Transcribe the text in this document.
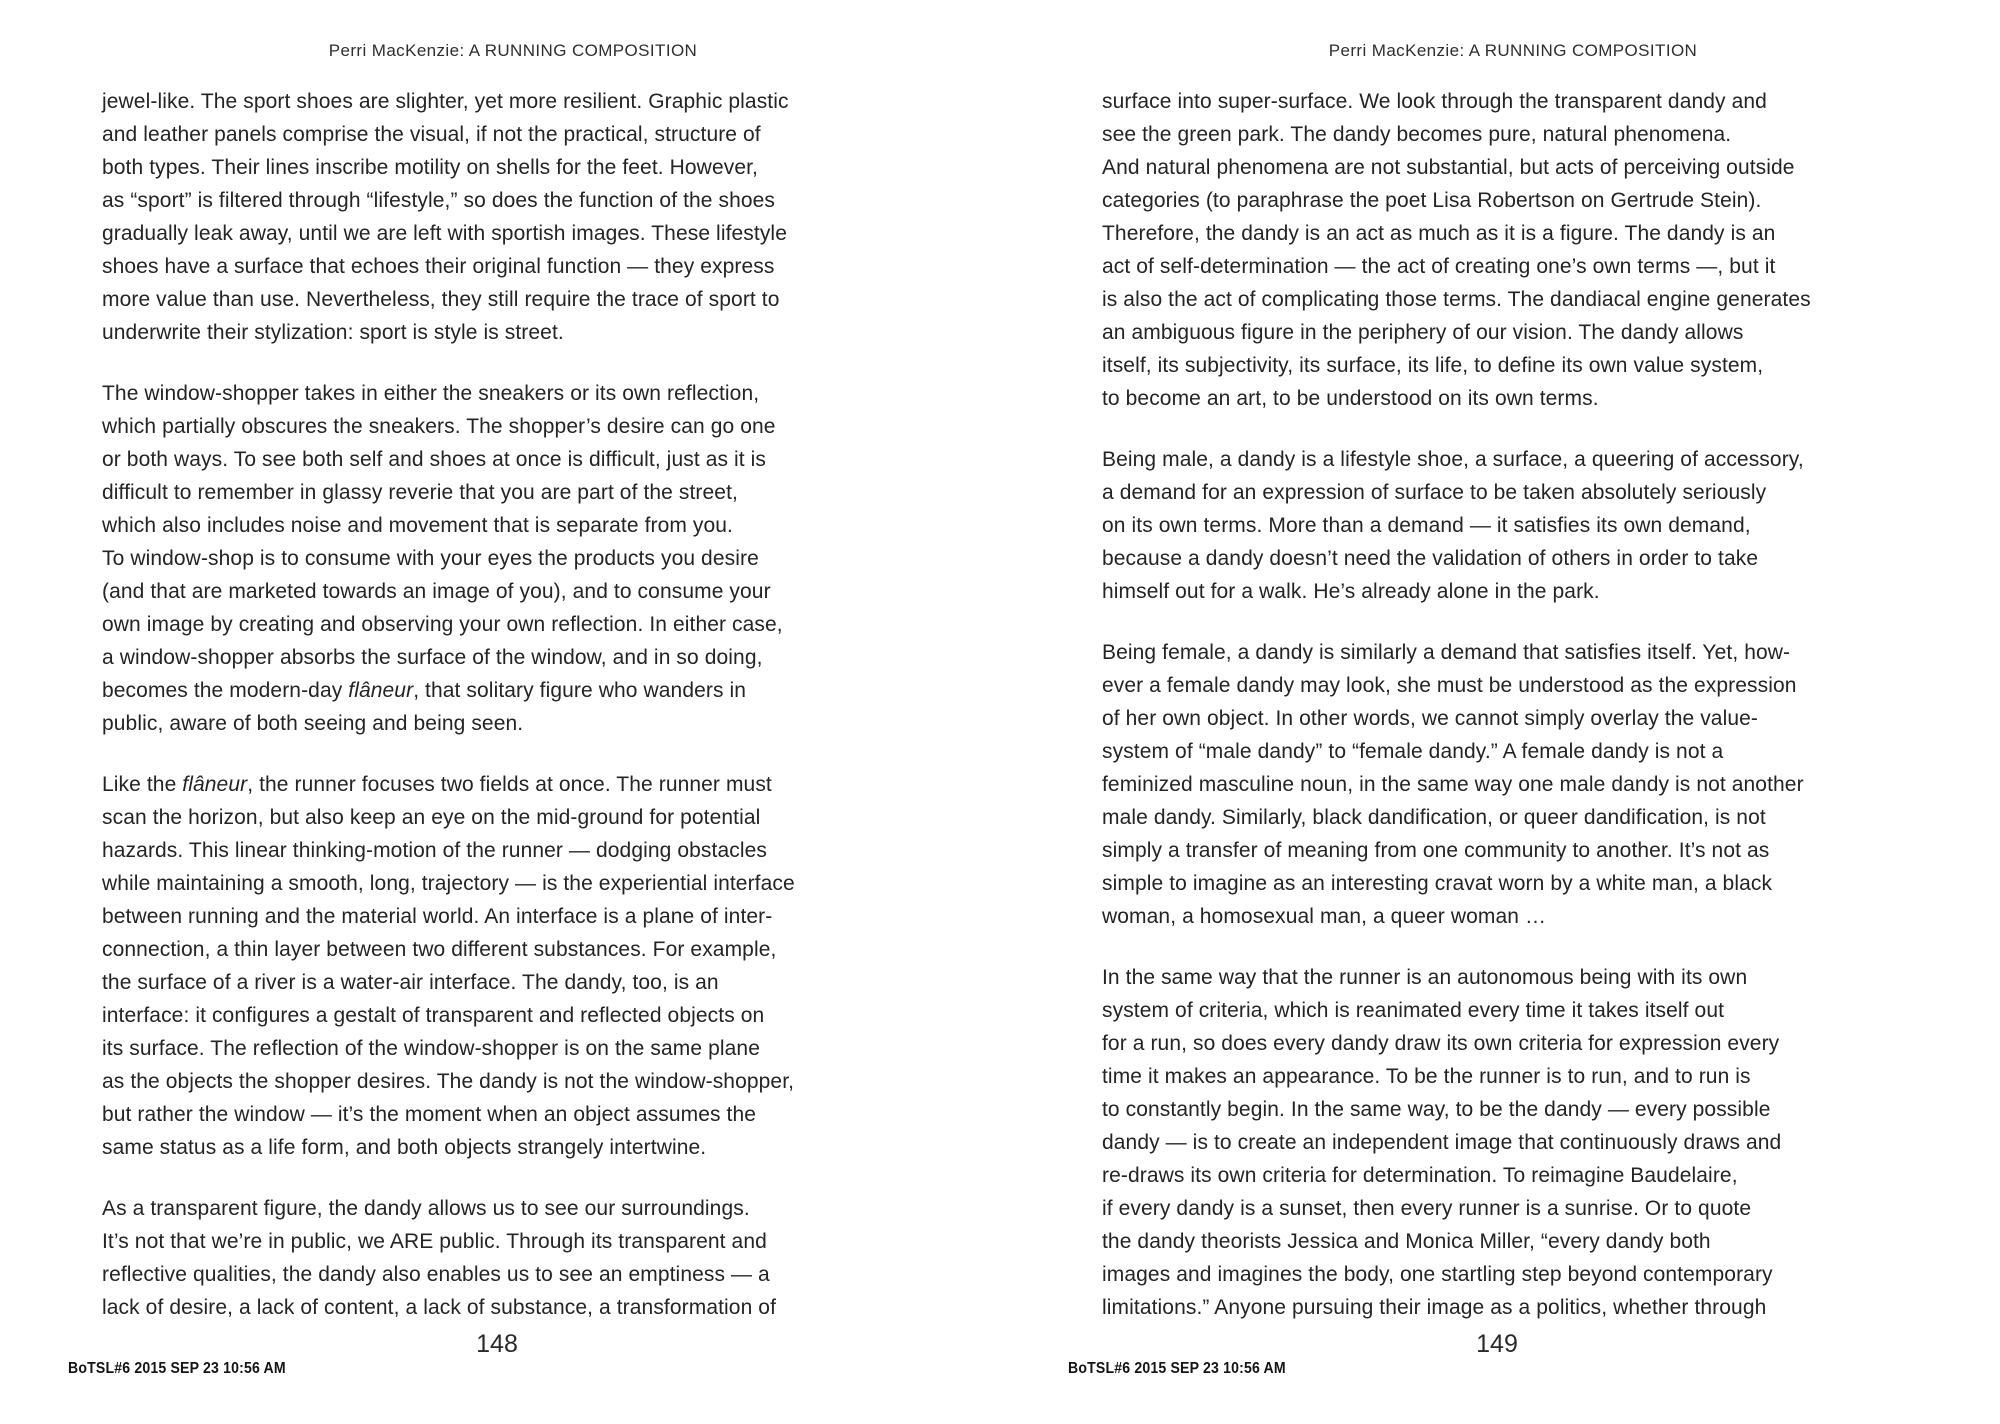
Perri MacKenzie: A RUNNING COMPOSITION

jewel-like. The sport shoes are slighter, yet more resilient. Graphic plastic
and leather panels comprise the visual, if not the practical, structure of
both types. Their lines inscribe motility on shells for the feet. However,
as “sport” is filtered through “lifestyle,” so does the function of the shoes
gradually leak away, until we are left with sportish images. These lifestyle
shoes have a surface that echoes their original function — they express
more value than use. Nevertheless, they still require the trace of sport to
underwrite their stylization: sport is style is street.

The window-shopper takes in either the sneakers or its own reflection,
which partially obscures the sneakers. The shopper’s desire can go one
or both ways. To see both self and shoes at once is difficult, just as it is
difficult to remember in glassy reverie that you are part of the street,
which also includes noise and movement that is separate from you.
To window-shop is to consume with your eyes the products you desire
(and that are marketed towards an image of you), and to consume your
own image by creating and observing your own reflection. In either case,
a window-shopper absorbs the surface of the window, and in so doing,
becomes the modern-day flâneur, that solitary figure who wanders in
public, aware of both seeing and being seen.

Like the flâneur, the runner focuses two fields at once. The runner must
scan the horizon, but also keep an eye on the mid-ground for potential
hazards. This linear thinking-motion of the runner — dodging obstacles
while maintaining a smooth, long, trajectory — is the experiential interface
between running and the material world. An interface is a plane of inter-
connection, a thin layer between two different substances. For example,
the surface of a river is a water-air interface. The dandy, too, is an
interface: it configures a gestalt of transparent and reflected objects on
its surface. The reflection of the window-shopper is on the same plane
as the objects the shopper desires. The dandy is not the window-shopper,
but rather the window — it’s the moment when an object assumes the
same status as a life form, and both objects strangely intertwine.

As a transparent figure, the dandy allows us to see our surroundings.
It’s not that we’re in public, we ARE public. Through its transparent and
reflective qualities, the dandy also enables us to see an emptiness — a
lack of desire, a lack of content, a lack of substance, a transformation of

148
BoTSL#6 2015 SEP 23 10:56 AM
Perri MacKenzie: A RUNNING COMPOSITION

surface into super-surface. We look through the transparent dandy and
see the green park. The dandy becomes pure, natural phenomena.
And natural phenomena are not substantial, but acts of perceiving outside
categories (to paraphrase the poet Lisa Robertson on Gertrude Stein).
Therefore, the dandy is an act as much as it is a figure. The dandy is an
act of self-determination — the act of creating one’s own terms —, but it
is also the act of complicating those terms. The dandiacal engine generates
an ambiguous figure in the periphery of our vision. The dandy allows
itself, its subjectivity, its surface, its life, to define its own value system,
to become an art, to be understood on its own terms.

Being male, a dandy is a lifestyle shoe, a surface, a queering of accessory,
a demand for an expression of surface to be taken absolutely seriously
on its own terms. More than a demand — it satisfies its own demand,
because a dandy doesn’t need the validation of others in order to take
himself out for a walk. He’s already alone in the park.

Being female, a dandy is similarly a demand that satisfies itself. Yet, how-
ever a female dandy may look, she must be understood as the expression
of her own object. In other words, we cannot simply overlay the value-
system of “male dandy” to “female dandy.” A female dandy is not a
feminized masculine noun, in the same way one male dandy is not another
male dandy. Similarly, black dandification, or queer dandification, is not
simply a transfer of meaning from one community to another. It’s not as
simple to imagine as an interesting cravat worn by a white man, a black
woman, a homosexual man, a queer woman …

In the same way that the runner is an autonomous being with its own
system of criteria, which is reanimated every time it takes itself out
for a run, so does every dandy draw its own criteria for expression every
time it makes an appearance. To be the runner is to run, and to run is
to constantly begin. In the same way, to be the dandy — every possible
dandy — is to create an independent image that continuously draws and
re-draws its own criteria for determination. To reimagine Baudelaire,
if every dandy is a sunset, then every runner is a sunrise. Or to quote
the dandy theorists Jessica and Monica Miller, “every dandy both
images and imagines the body, one startling step beyond contemporary
limitations.” Anyone pursuing their image as a politics, whether through

149
BoTSL#6 2015 SEP 23 10:56 AM
